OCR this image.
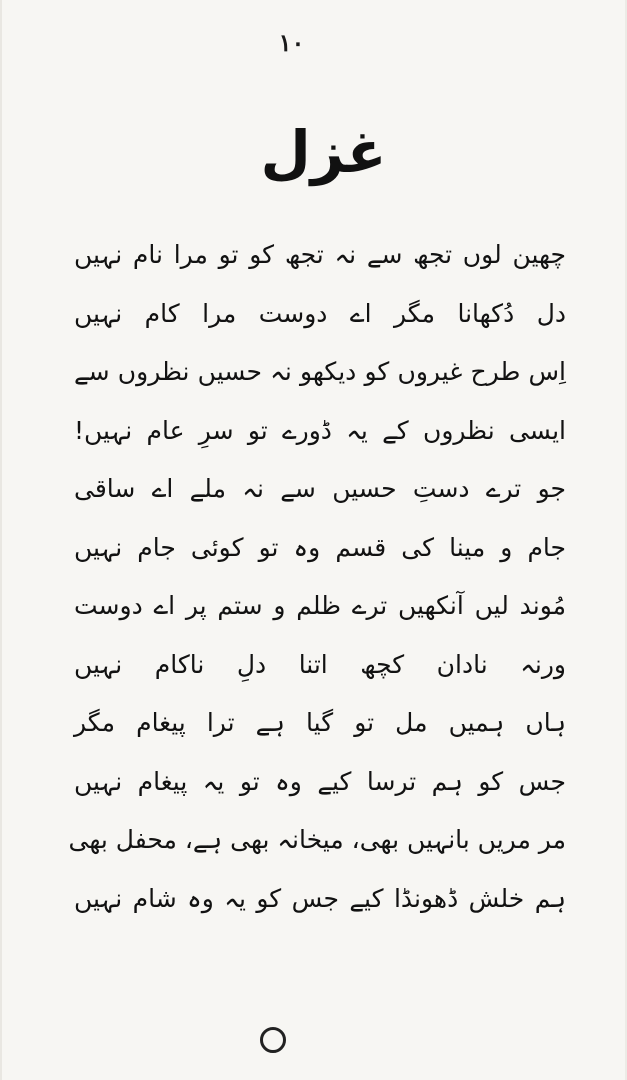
۱۰
غزل
چھین لوں تجھ سے نہ تجھ کو تو مرا نام نہیں
دل دُکھانا مگر اے دوست مرا کام نہیں
اِس طرح غیروں کو دیکھو نہ حسیں نظروں سے
ایسی نظروں کے یہ ڈورے تو سرِ عام نہیں!
جو ترے دستِ حسیں سے نہ ملے اے ساقی
جام و مینا کی قسم وہ تو کوئی جام نہیں
مُوند لیں آنکھیں ترے ظلم و ستم پر اے دوست
ورنہ نادان کچھ اتنا دلِ ناکام نہیں
ہاں ہمیں مل تو گیا ہے ترا پیغام مگر
جس کو ہم ترسا کیے وہ تو یہ پیغام نہیں
مر مریں بانہیں بھی، میخانہ بھی ہے، محفل بھی
ہم خلش ڈھونڈا کیے جس کو یہ وہ شام نہیں
